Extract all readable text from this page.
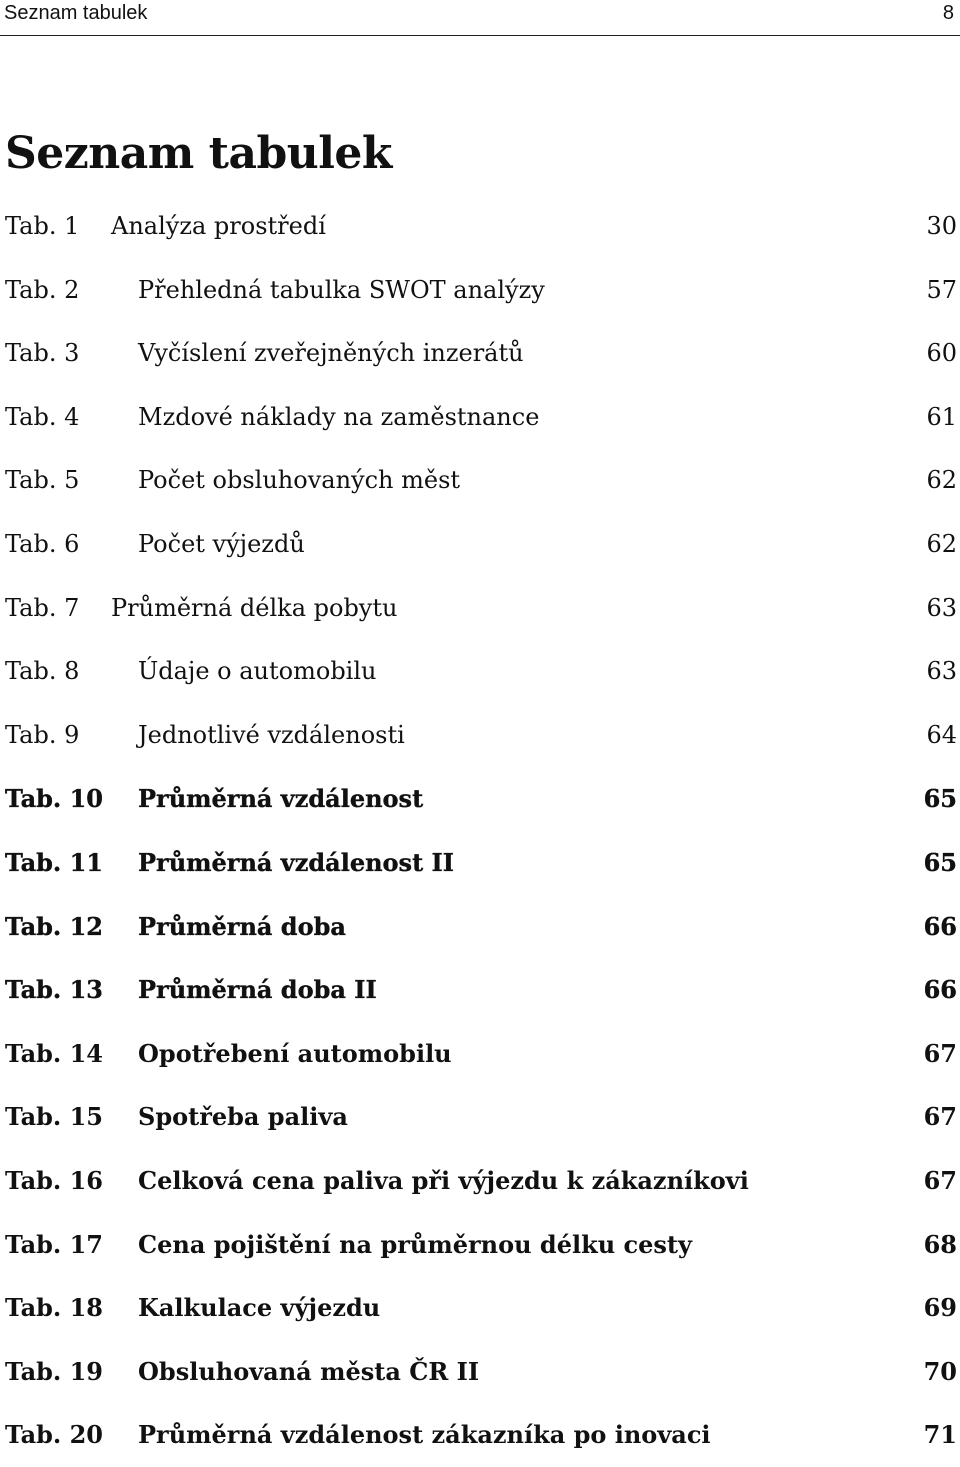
Seznam tabulek	8
Seznam tabulek
Tab. 1 Analýza prostředí	30
Tab. 2 Přehledná tabulka SWOT analýzy	57
Tab. 3 Vyčíslení zveřejněných inzerátů	60
Tab. 4 Mzdové náklady na zaměstnance	61
Tab. 5 Počet obsluhovaných měst	62
Tab. 6 Počet výjezdů	62
Tab. 7 Průměrná délka pobytu	63
Tab. 8 Údaje o automobilu	63
Tab. 9 Jednotlivé vzdálenosti	64
Tab. 10 Průměrná vzdálenost	65
Tab. 11 Průměrná vzdálenost II	65
Tab. 12 Průměrná doba	66
Tab. 13 Průměrná doba II	66
Tab. 14 Opotřebení automobilu	67
Tab. 15 Spotřeba paliva	67
Tab. 16 Celková cena paliva při výjezdu k zákazníkovi	67
Tab. 17 Cena pojištění na průměrnou délku cesty	68
Tab. 18 Kalkulace výjezdu	69
Tab. 19 Obsluhovaná města ČR II	70
Tab. 20 Průměrná vzdálenost zákazníka po inovaci	71
